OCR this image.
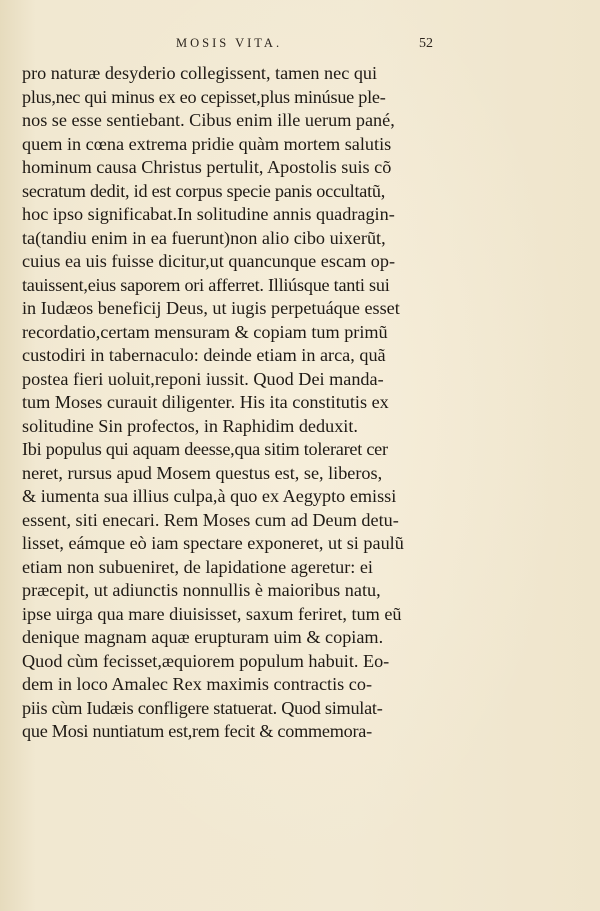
MOSIS VITA.	52
pro naturæ desyderio collegissent, tamen nec qui
plus,nec qui minus ex eo cepisset,plus minúsue ple-
nos se esse sentiebant. Cibus enim ille uerum pané,
quem in cœna extrema pridie quàm mortem salutis
hominum causa Christus pertulit, Apostolis suis cõ
secratum dedit, id est corpus specie panis occultatũ,
hoc ipso significabat.In solitudine annis quadragin-
ta(tandiu enim in ea fuerunt)non alio cibo uixerũt,
cuius ea uis fuisse dicitur,ut quancunque escam op-
tauissent,eius saporem ori afferret. Illiúsque tanti sui
in Iudæos beneficij Deus, ut iugis perpetuáque esset
recordatio,certam mensuram & copiam tum primũ
custodiri in tabernaculo: deinde etiam in arca, quã
postea fieri uoluit,reponi iussit. Quod Dei manda-
tum Moses curauit diligenter. His ita constitutis ex
solitudine Sin profectos, in Raphidim deduxit.
Ibi populus qui aquam deesse,qua sitim toleraret cer
neret, rursus apud Mosem questus est, se, liberos,
& iumenta sua illius culpa,à quo ex Aegypto emissi
essent, siti enecari. Rem Moses cum ad Deum detu-
lisset, eámque eò iam spectare exponeret, ut si paulũ
etiam non subueniret, de lapidatione ageretur: ei
præcepit, ut adiunctis nonnullis è maioribus natu,
ipse uirga qua mare diuisisset, saxum feriret, tum eũ
denique magnam aquæ erupturam uim & copiam.
Quod cùm fecisset,æquiorem populum habuit. Eo-
dem in loco Amalec Rex maximis contractis co-
piis cùm Iudæis confligere statuerat. Quod simulat-
que Mosi nuntiatum est,rem fecit & commemora-
